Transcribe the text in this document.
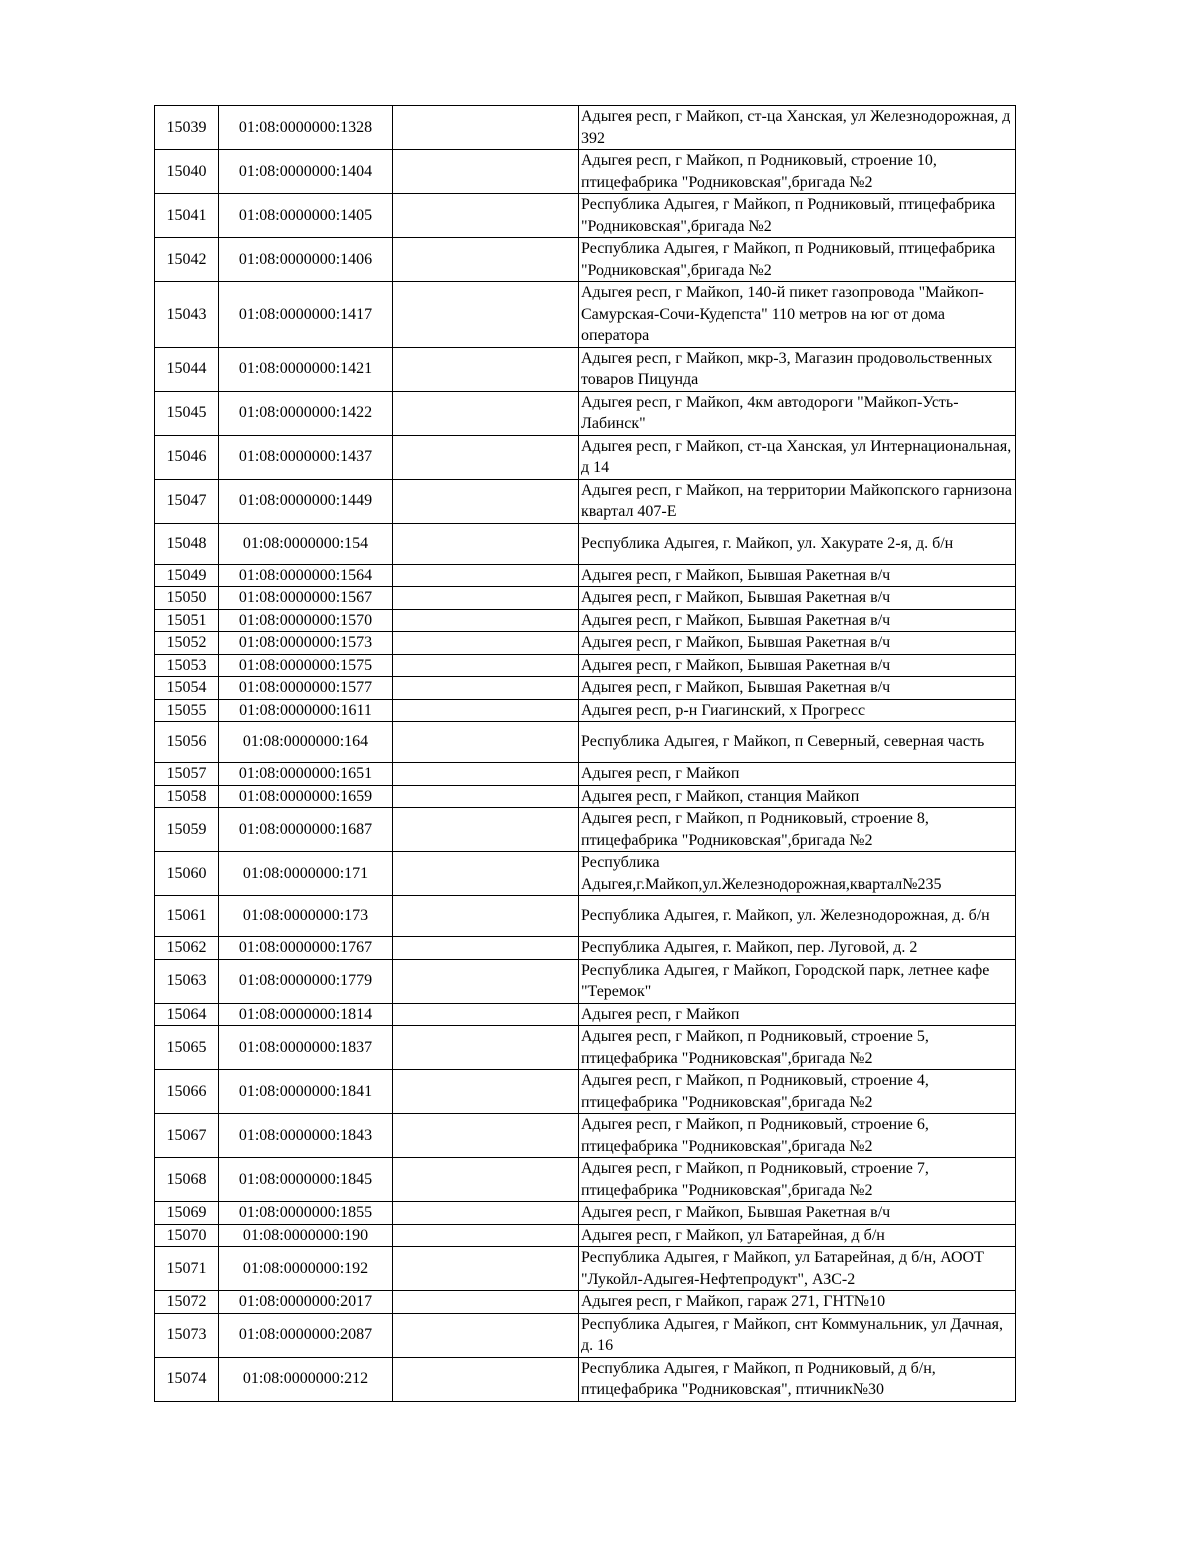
15039	01:08:0000000:1328		Адыгея респ, г Майкоп, ст-ца Ханская, ул Железнодорожная, д 392
15040	01:08:0000000:1404		Адыгея респ, г Майкоп, п Родниковый, строение 10, птицефабрика "Родниковская",бригада №2
15041	01:08:0000000:1405		Республика Адыгея, г Майкоп, п Родниковый, птицефабрика "Родниковская",бригада №2
15042	01:08:0000000:1406		Республика Адыгея, г Майкоп, п Родниковый, птицефабрика "Родниковская",бригада №2
15043	01:08:0000000:1417		Адыгея респ, г Майкоп, 140-й пикет газопровода "Майкоп-Самурская-Сочи-Кудепста" 110 метров на юг от дома оператора
15044	01:08:0000000:1421		Адыгея респ, г Майкоп, мкр-3, Магазин продовольственных товаров Пицунда
15045	01:08:0000000:1422		Адыгея респ, г Майкоп, 4км автодороги "Майкоп-Усть-Лабинск"
15046	01:08:0000000:1437		Адыгея респ, г Майкоп, ст-ца Ханская, ул Интернациональная, д 14
15047	01:08:0000000:1449		Адыгея респ, г Майкоп, на территории Майкопского гарнизона квартал 407-Е
15048	01:08:0000000:154		Республика Адыгея, г. Майкоп, ул. Хакурате 2-я, д. б/н
15049	01:08:0000000:1564		Адыгея респ, г Майкоп, Бывшая Ракетная в/ч
15050	01:08:0000000:1567		Адыгея респ, г Майкоп, Бывшая Ракетная в/ч
15051	01:08:0000000:1570		Адыгея респ, г Майкоп, Бывшая Ракетная в/ч
15052	01:08:0000000:1573		Адыгея респ, г Майкоп, Бывшая Ракетная в/ч
15053	01:08:0000000:1575		Адыгея респ, г Майкоп, Бывшая Ракетная в/ч
15054	01:08:0000000:1577		Адыгея респ, г Майкоп, Бывшая Ракетная в/ч
15055	01:08:0000000:1611		Адыгея респ, р-н Гиагинский, х Прогресс
15056	01:08:0000000:164		Республика Адыгея, г Майкоп, п Северный, северная часть
15057	01:08:0000000:1651		Адыгея респ, г Майкоп
15058	01:08:0000000:1659		Адыгея респ, г Майкоп, станция Майкоп
15059	01:08:0000000:1687		Адыгея респ, г Майкоп, п Родниковый, строение 8, птицефабрика "Родниковская",бригада №2
15060	01:08:0000000:171		Республика Адыгея,г.Майкоп,ул.Железнодорожная,квартал№235
15061	01:08:0000000:173		Республика Адыгея, г. Майкоп, ул. Железнодорожная, д. б/н
15062	01:08:0000000:1767		Республика Адыгея, г. Майкоп, пер. Луговой, д. 2
15063	01:08:0000000:1779		Республика Адыгея, г Майкоп, Городской парк, летнее кафе "Теремок"
15064	01:08:0000000:1814		Адыгея респ, г Майкоп
15065	01:08:0000000:1837		Адыгея респ, г Майкоп, п Родниковый, строение 5, птицефабрика "Родниковская",бригада №2
15066	01:08:0000000:1841		Адыгея респ, г Майкоп, п Родниковый, строение 4, птицефабрика "Родниковская",бригада №2
15067	01:08:0000000:1843		Адыгея респ, г Майкоп, п Родниковый, строение 6, птицефабрика "Родниковская",бригада №2
15068	01:08:0000000:1845		Адыгея респ, г Майкоп, п Родниковый, строение 7, птицефабрика "Родниковская",бригада №2
15069	01:08:0000000:1855		Адыгея респ, г Майкоп, Бывшая Ракетная в/ч
15070	01:08:0000000:190		Адыгея респ, г Майкоп, ул Батарейная, д б/н
15071	01:08:0000000:192		Республика Адыгея, г Майкоп, ул Батарейная, д б/н, АООТ "Лукойл-Адыгея-Нефтепродукт", АЗС-2
15072	01:08:0000000:2017		Адыгея респ, г Майкоп, гараж 271, ГНТ№10
15073	01:08:0000000:2087		Республика Адыгея, г Майкоп, снт Коммунальник, ул Дачная, д. 16
15074	01:08:0000000:212		Республика Адыгея, г Майкоп, п Родниковый, д б/н, птицефабрика "Родниковская", птичник№30
